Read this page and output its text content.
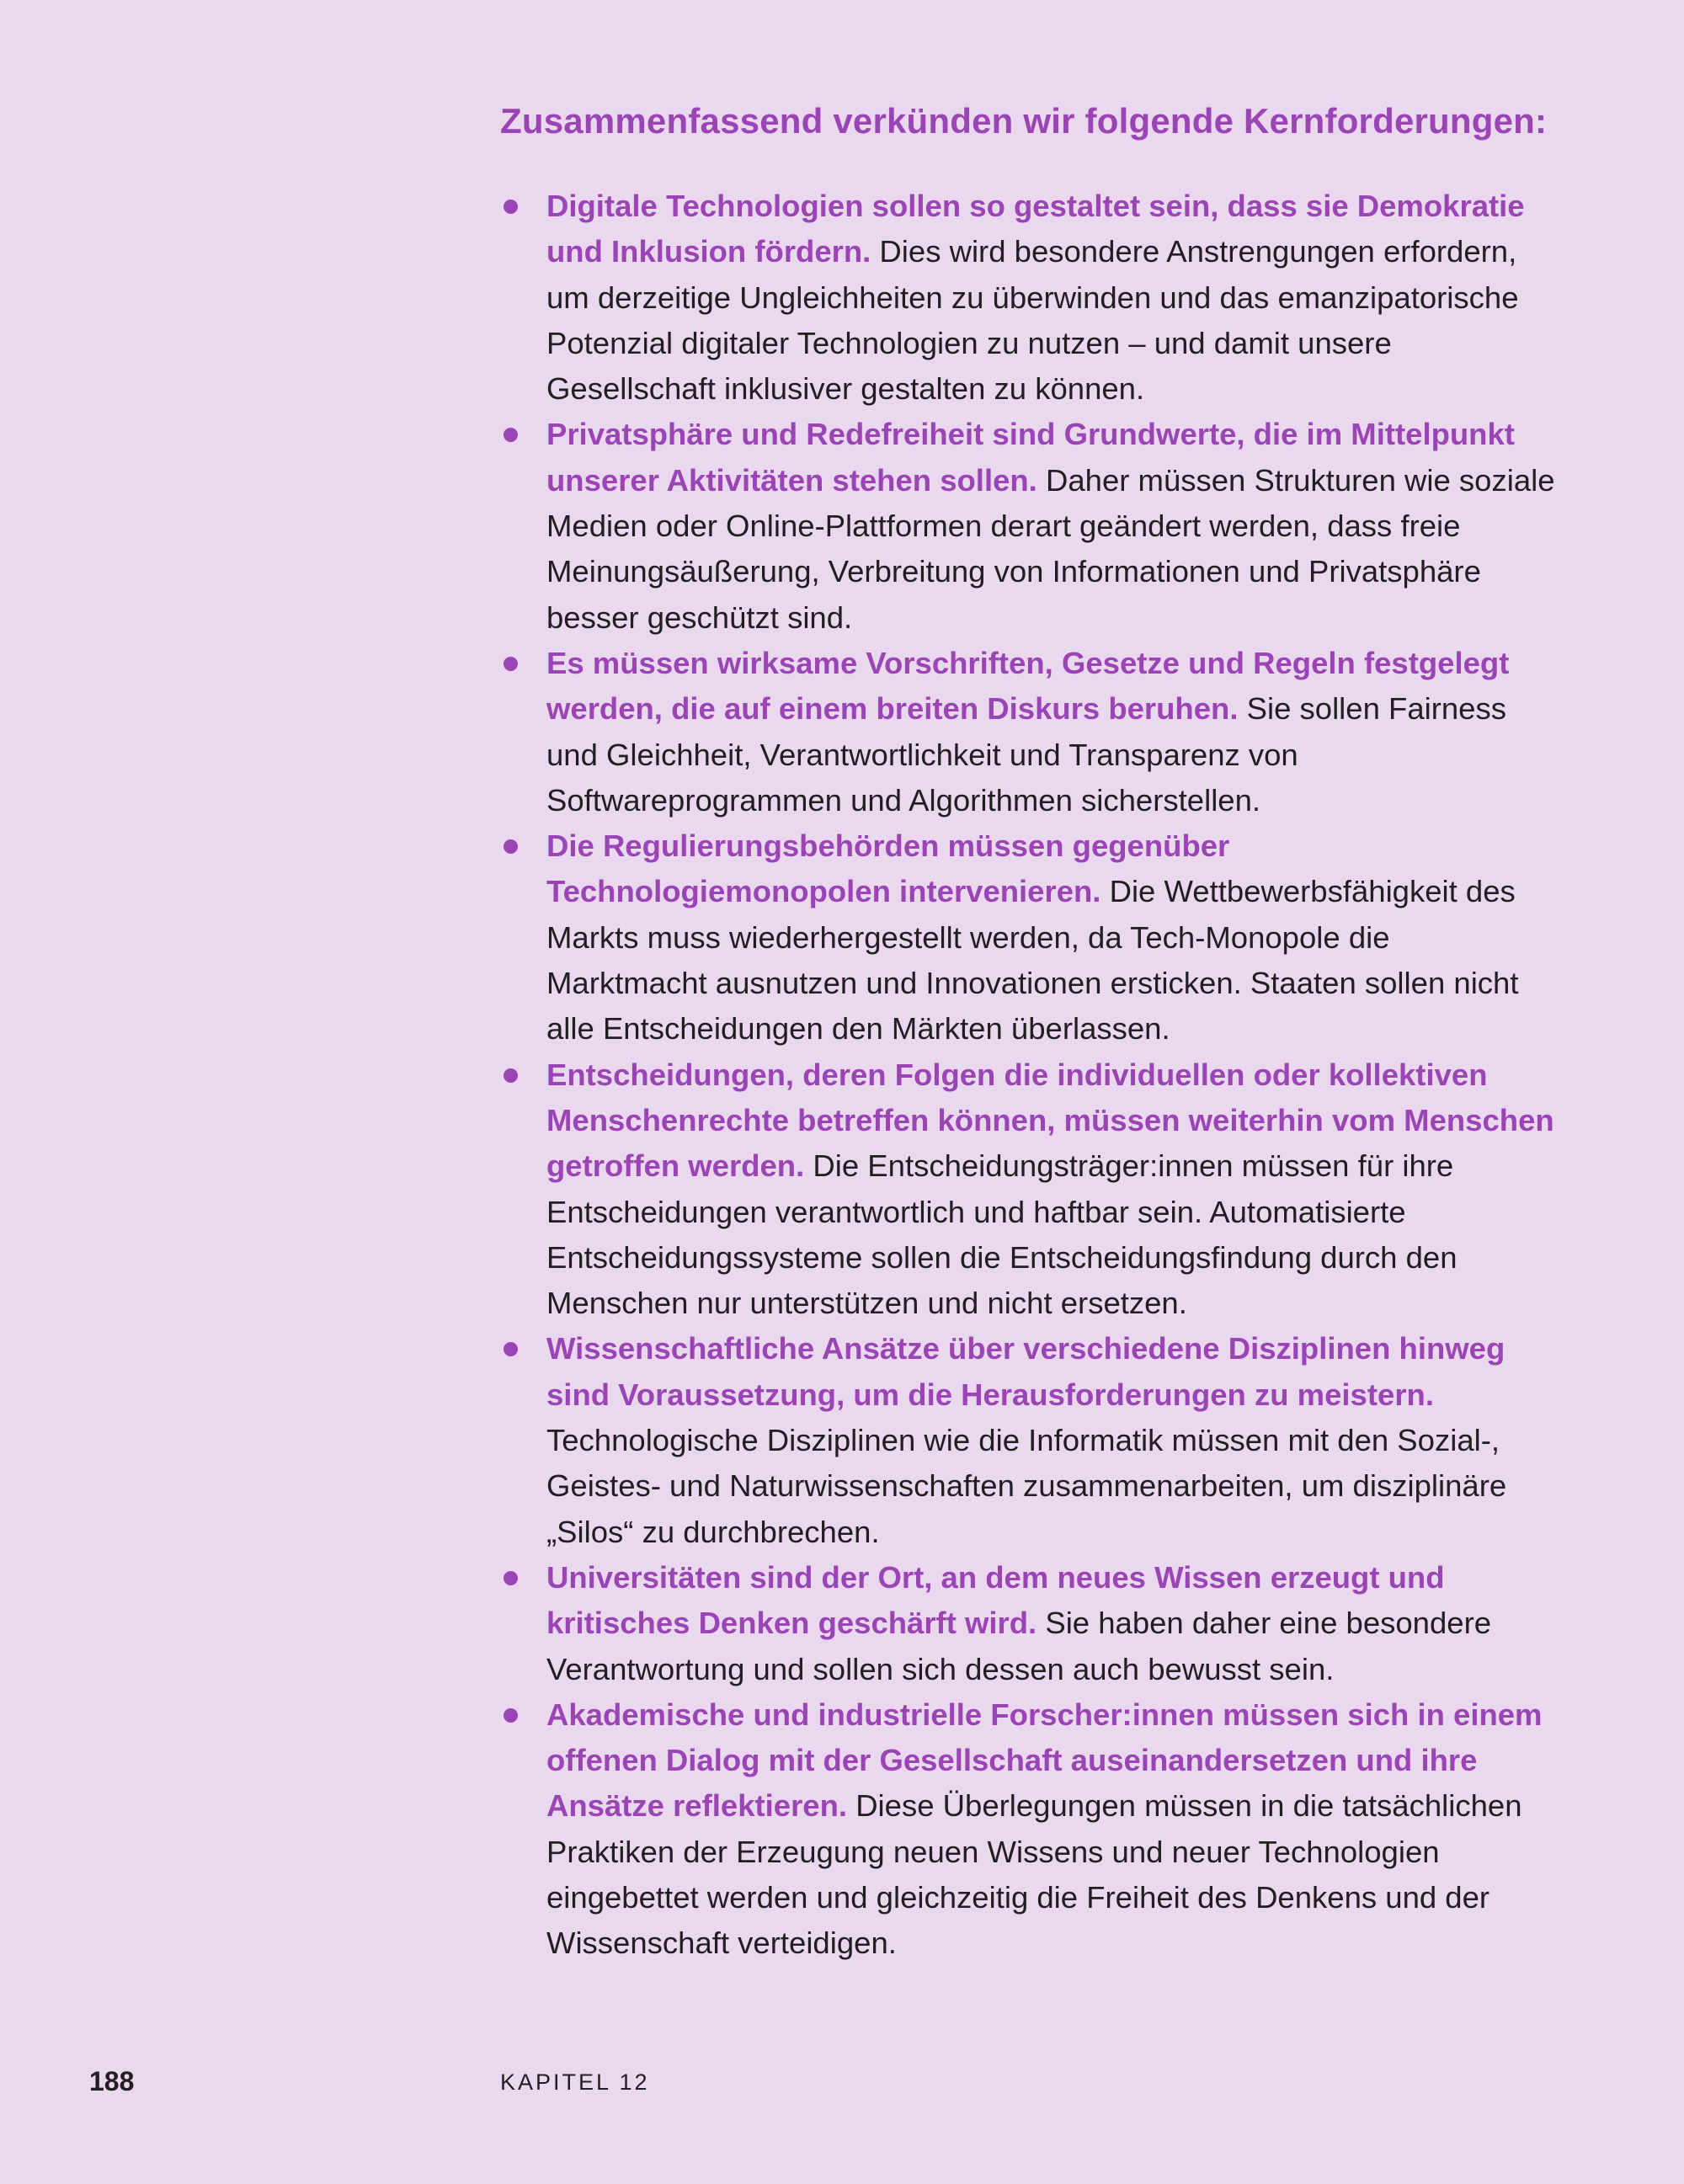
Zusammenfassend verkünden wir folgende Kernforderungen:
Digitale Technologien sollen so gestaltet sein, dass sie Demokratie und Inklusion fördern. Dies wird besondere Anstrengungen erfordern, um derzeitige Ungleichheiten zu überwinden und das emanzipatorische Potenzial digitaler Technologien zu nutzen – und damit unsere Gesellschaft inklusiver gestalten zu können.
Privatsphäre und Redefreiheit sind Grundwerte, die im Mittelpunkt unserer Aktivitäten stehen sollen. Daher müssen Strukturen wie soziale Medien oder Online-Plattformen derart geändert werden, dass freie Meinungsäußerung, Verbreitung von Informationen und Privatsphäre besser geschützt sind.
Es müssen wirksame Vorschriften, Gesetze und Regeln festgelegt werden, die auf einem breiten Diskurs beruhen. Sie sollen Fairness und Gleichheit, Verantwortlichkeit und Transparenz von Softwareprogrammen und Algorithmen sicherstellen.
Die Regulierungsbehörden müssen gegenüber Technologiemonopolen intervenieren. Die Wettbewerbsfähigkeit des Markts muss wiederhergestellt werden, da Tech-Monopole die Marktmacht ausnutzen und Innovationen ersticken. Staaten sollen nicht alle Entscheidungen den Märkten überlassen.
Entscheidungen, deren Folgen die individuellen oder kollektiven Menschenrechte betreffen können, müssen weiterhin vom Menschen getroffen werden. Die Entscheidungsträger:innen müssen für ihre Entscheidungen verantwortlich und haftbar sein. Automatisierte Entscheidungssysteme sollen die Entscheidungsfindung durch den Menschen nur unterstützen und nicht ersetzen.
Wissenschaftliche Ansätze über verschiedene Disziplinen hinweg sind Voraussetzung, um die Herausforderungen zu meistern. Technologische Disziplinen wie die Informatik müssen mit den Sozial-, Geistes- und Naturwissenschaften zusammenarbeiten, um disziplinäre „Silos“ zu durchbrechen.
Universitäten sind der Ort, an dem neues Wissen erzeugt und kritisches Denken geschärft wird. Sie haben daher eine besondere Verantwortung und sollen sich dessen auch bewusst sein.
Akademische und industrielle Forscher:innen müssen sich in einem offenen Dialog mit der Gesellschaft auseinandersetzen und ihre Ansätze reflektieren. Diese Überlegungen müssen in die tatsächlichen Praktiken der Erzeugung neuen Wissens und neuer Technologien eingebettet werden und gleichzeitig die Freiheit des Denkens und der Wissenschaft verteidigen.
188	KAPITEL 12
